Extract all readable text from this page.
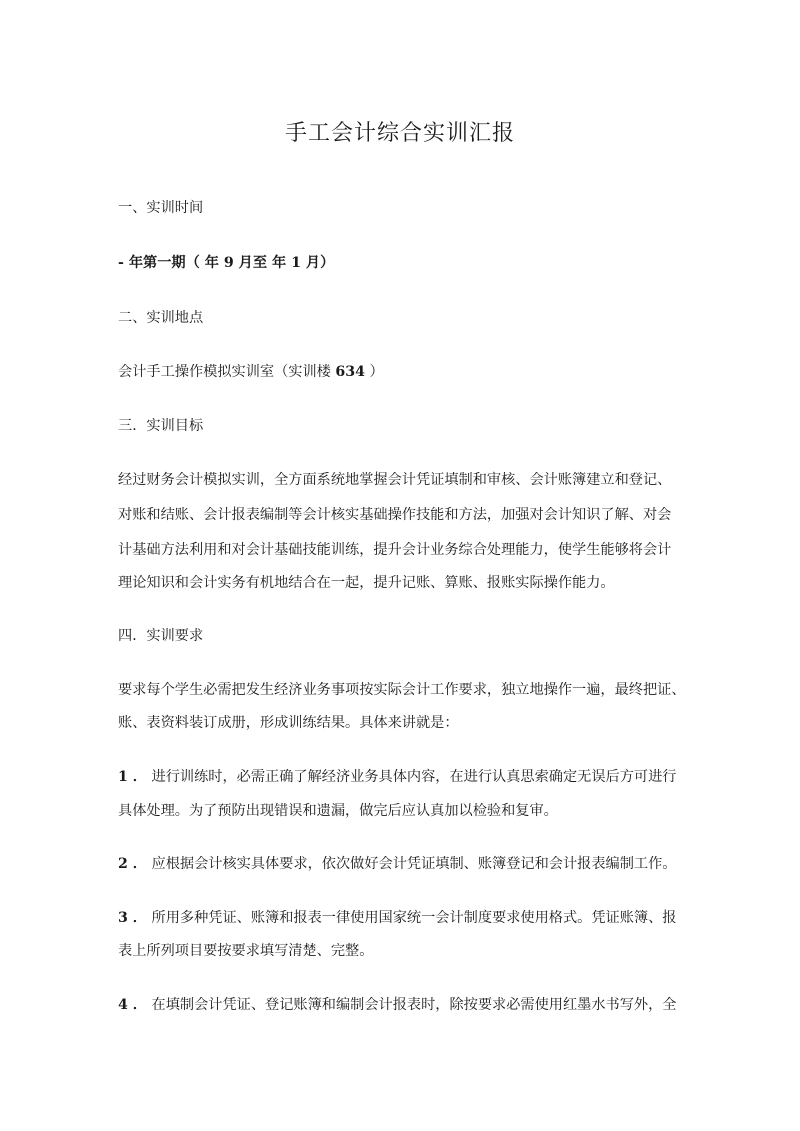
手工会计综合实训汇报
一、实训时间
- 年第一期（ 年 9 月至 年 1 月）
二、实训地点
会计手工操作模拟实训室（实训楼 634 ）
三．实训目标
经过财务会计模拟实训，全方面系统地掌握会计凭证填制和审核、会计账簿建立和登记、
对账和结账、会计报表编制等会计核实基础操作技能和方法，加强对会计知识了解、对会
计基础方法利用和对会计基础技能训练，提升会计业务综合处理能力，使学生能够将会计
理论知识和会计实务有机地结合在一起，提升记账、算账、报账实际操作能力。
四．实训要求
要求每个学生必需把发生经济业务事项按实际会计工作要求，独立地操作一遍，最终把证、
账、表资料装订成册，形成训练结果。具体来讲就是：
1 ． 进行训练时，必需正确了解经济业务具体内容，在进行认真思索确定无误后方可进行
具体处理。为了预防出现错误和遗漏，做完后应认真加以检验和复审。
2 ． 应根据会计核实具体要求，依次做好会计凭证填制、账簿登记和会计报表编制工作。
3 ． 所用多种凭证、账簿和报表一律使用国家统一会计制度要求使用格式。凭证账簿、报
表上所列项目要按要求填写清楚、完整。
4 ． 在填制会计凭证、登记账簿和编制会计报表时，除按要求必需使用红墨水书写外，全
